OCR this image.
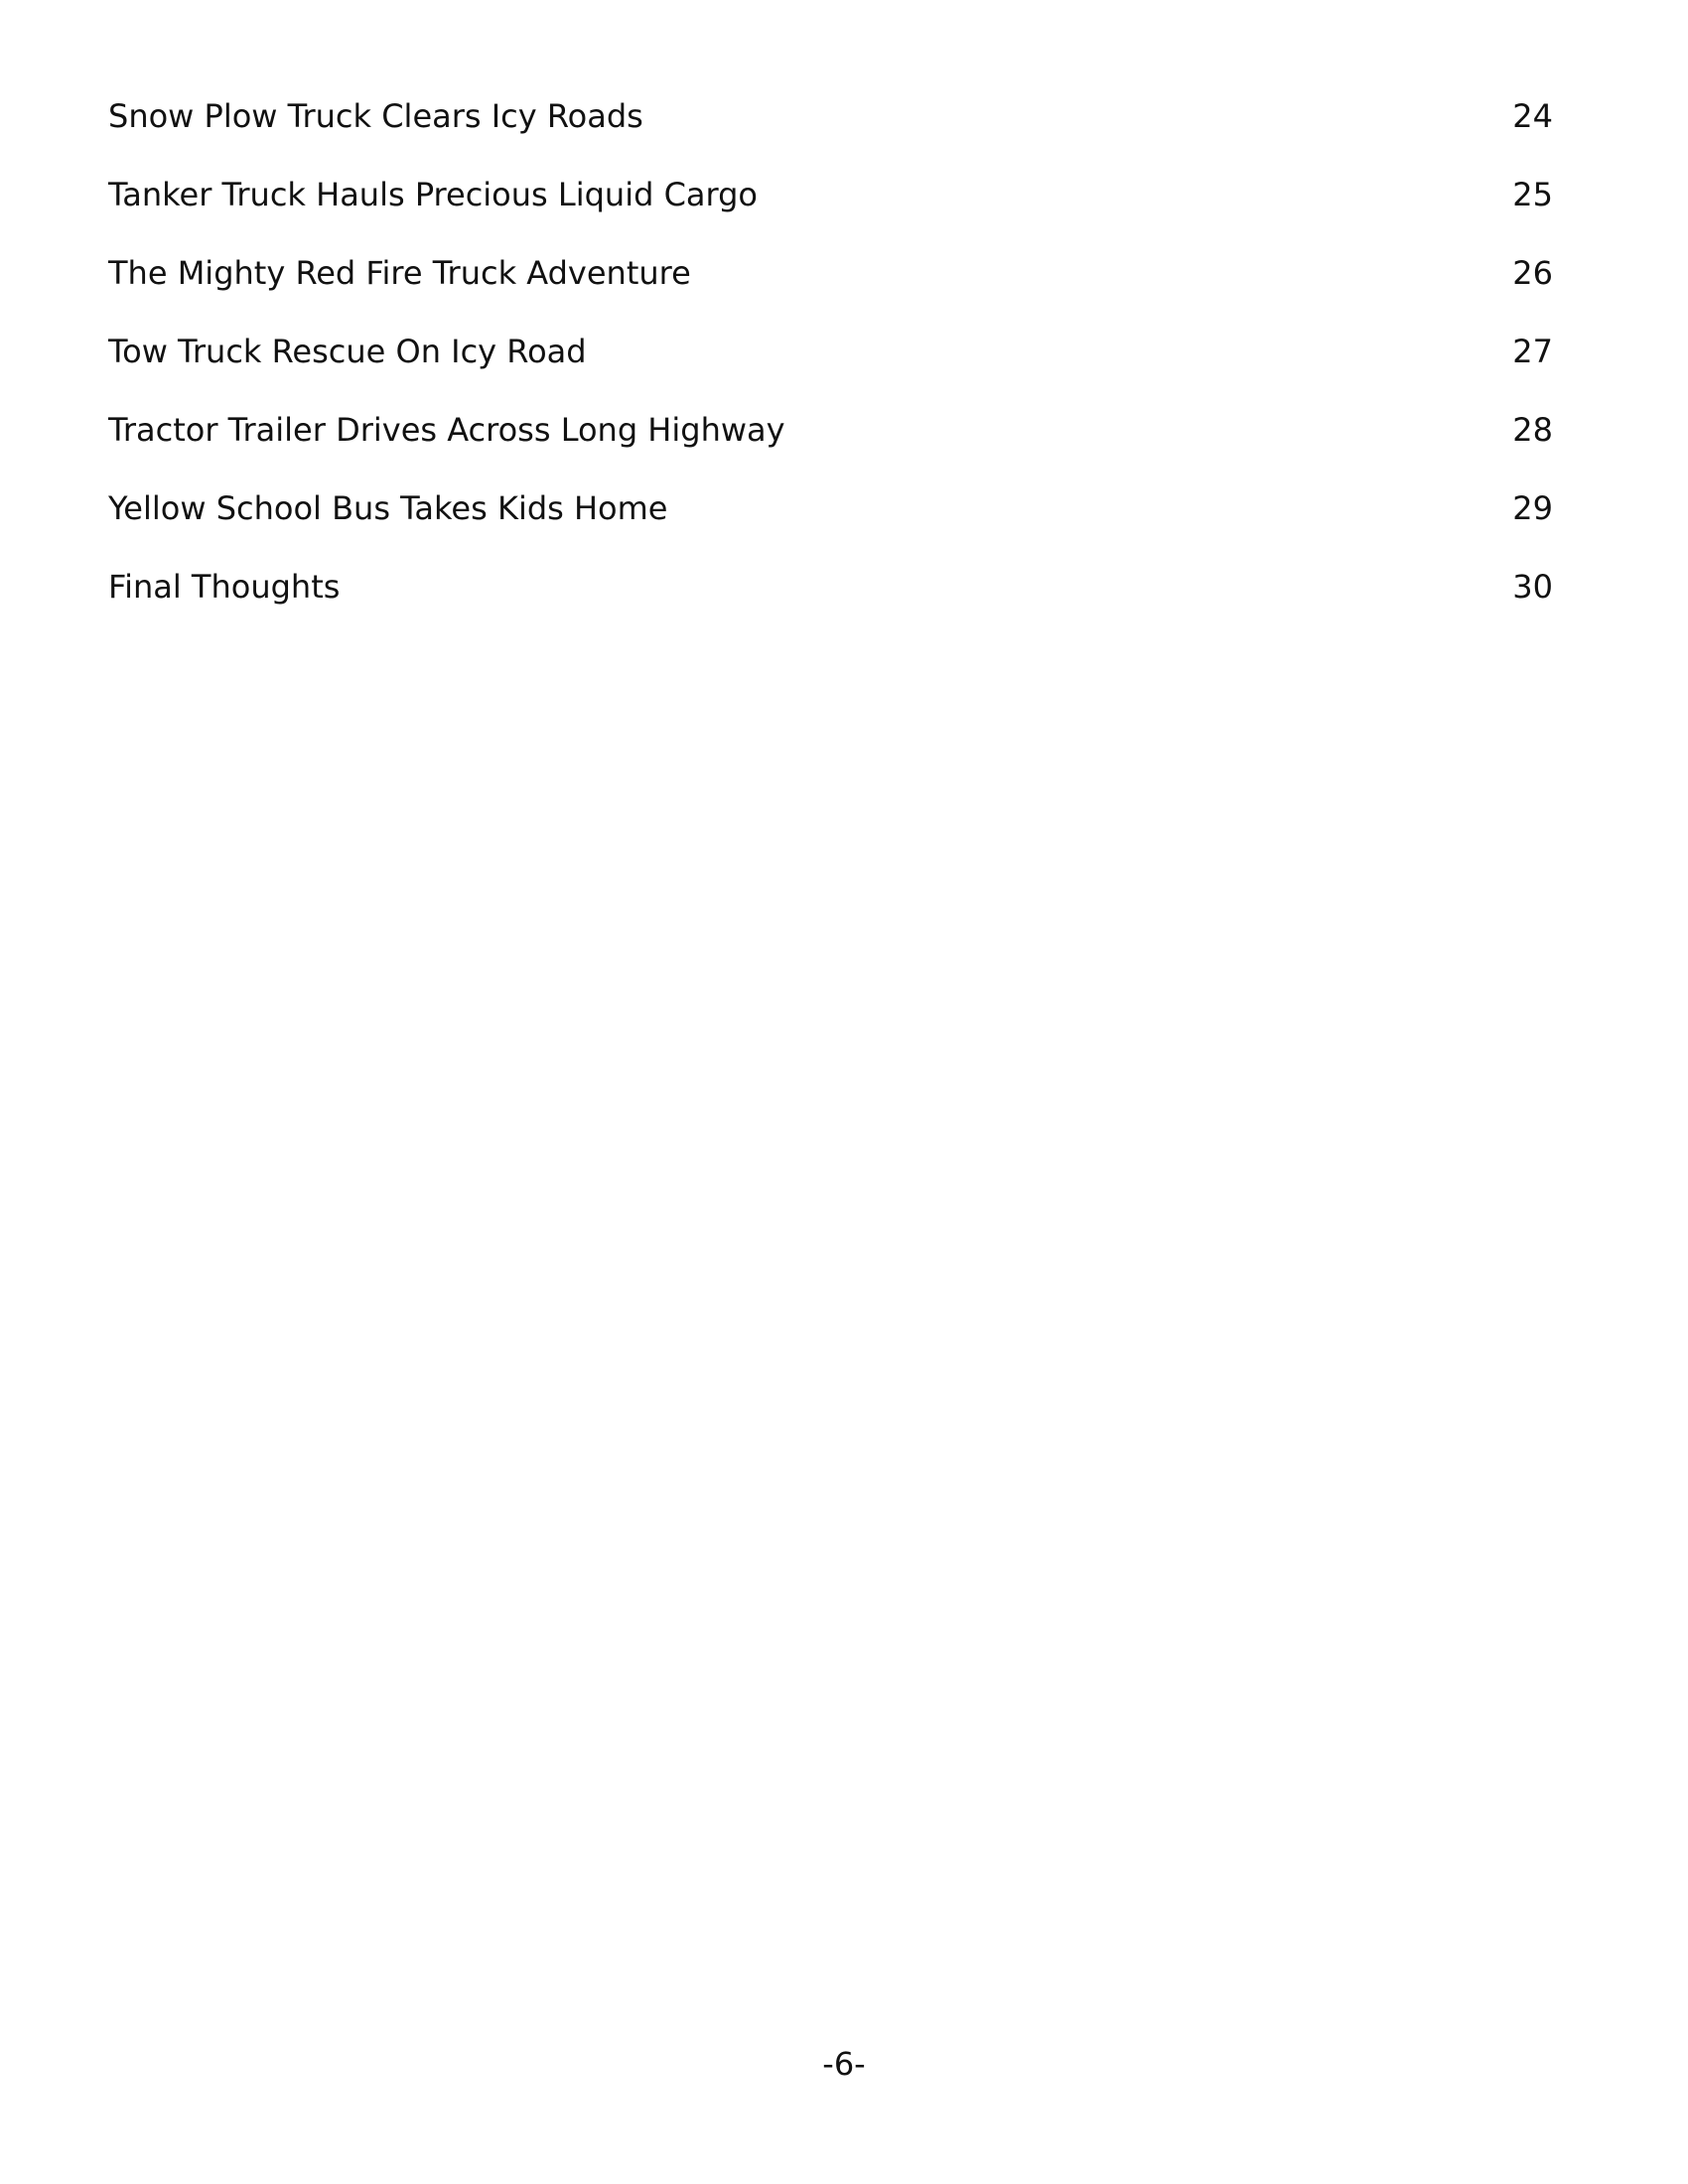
Snow Plow Truck Clears Icy Roads	24
Tanker Truck Hauls Precious Liquid Cargo	25
The Mighty Red Fire Truck Adventure	26
Tow Truck Rescue On Icy Road	27
Tractor Trailer Drives Across Long Highway	28
Yellow School Bus Takes Kids Home	29
Final Thoughts	30
-6-
